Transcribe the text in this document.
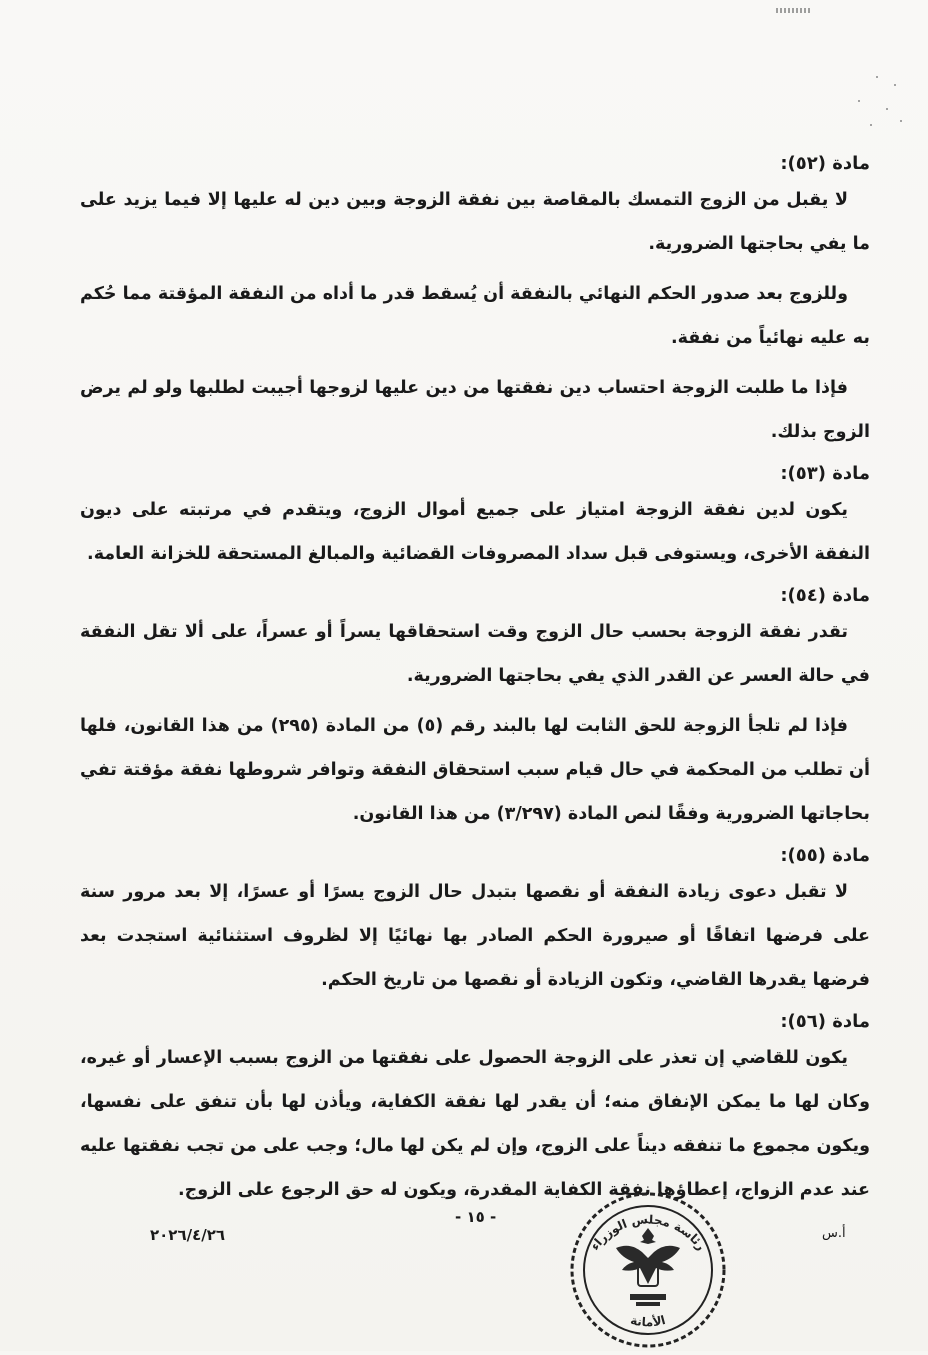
مادة (٥٢):

لا يقبل من الزوج التمسك بالمقاصة بين نفقة الزوجة وبين دين له عليها إلا فيما يزيد على ما يفي بحاجتها الضرورية.

وللزوج بعد صدور الحكم النهائي بالنفقة أن يُسقط قدر ما أداه من النفقة المؤقتة مما حُكم به عليه نهائياً من نفقة.

فإذا ما طلبت الزوجة احتساب دين نفقتها من دين عليها لزوجها أجيبت لطلبها ولو لم يرض الزوج بذلك.

مادة (٥٣):

يكون لدين نفقة الزوجة امتياز على جميع أموال الزوج، ويتقدم في مرتبته على ديون النفقة الأخرى، ويستوفى قبل سداد المصروفات القضائية والمبالغ المستحقة للخزانة العامة.

مادة (٥٤):

تقدر نفقة الزوجة بحسب حال الزوج وقت استحقاقها يسراً أو عسراً، على ألا تقل النفقة في حالة العسر عن القدر الذي يفي بحاجتها الضرورية.

فإذا لم تلجأ الزوجة للحق الثابت لها بالبند رقم (٥) من المادة (٢٩٥) من هذا القانون، فلها أن تطلب من المحكمة في حال قيام سبب استحقاق النفقة وتوافر شروطها نفقة مؤقتة تفي بحاجاتها الضرورية وفقًا لنص المادة (٣/٢٩٧) من هذا القانون.

مادة (٥٥):

لا تقبل دعوى زيادة النفقة أو نقصها بتبدل حال الزوج يسرًا أو عسرًا، إلا بعد مرور سنة على فرضها اتفاقًا أو صيرورة الحكم الصادر بها نهائيًا إلا لظروف استثنائية استجدت بعد فرضها يقدرها القاضي، وتكون الزيادة أو نقصها من تاريخ الحكم.

مادة (٥٦):

يكون للقاضي إن تعذر على الزوجة الحصول على نفقتها من الزوج بسبب الإعسار أو غيره، وكان لها ما يمكن الإنفاق منه؛ أن يقدر لها نفقة الكفاية، ويأذن لها بأن تنفق على نفسها، ويكون مجموع ما تنفقه ديناً على الزوج، وإن لم يكن لها مال؛ وجب على من تجب نفقتها عليه عند عدم الزواج، إعطاؤها نفقة الكفاية المقدرة، ويكون له حق الرجوع على الزوج.

- ١٥ -
٢٠٢٦/٤/٢٦	أ.س
رئاسة مجلس الوزراء
الأمانة
